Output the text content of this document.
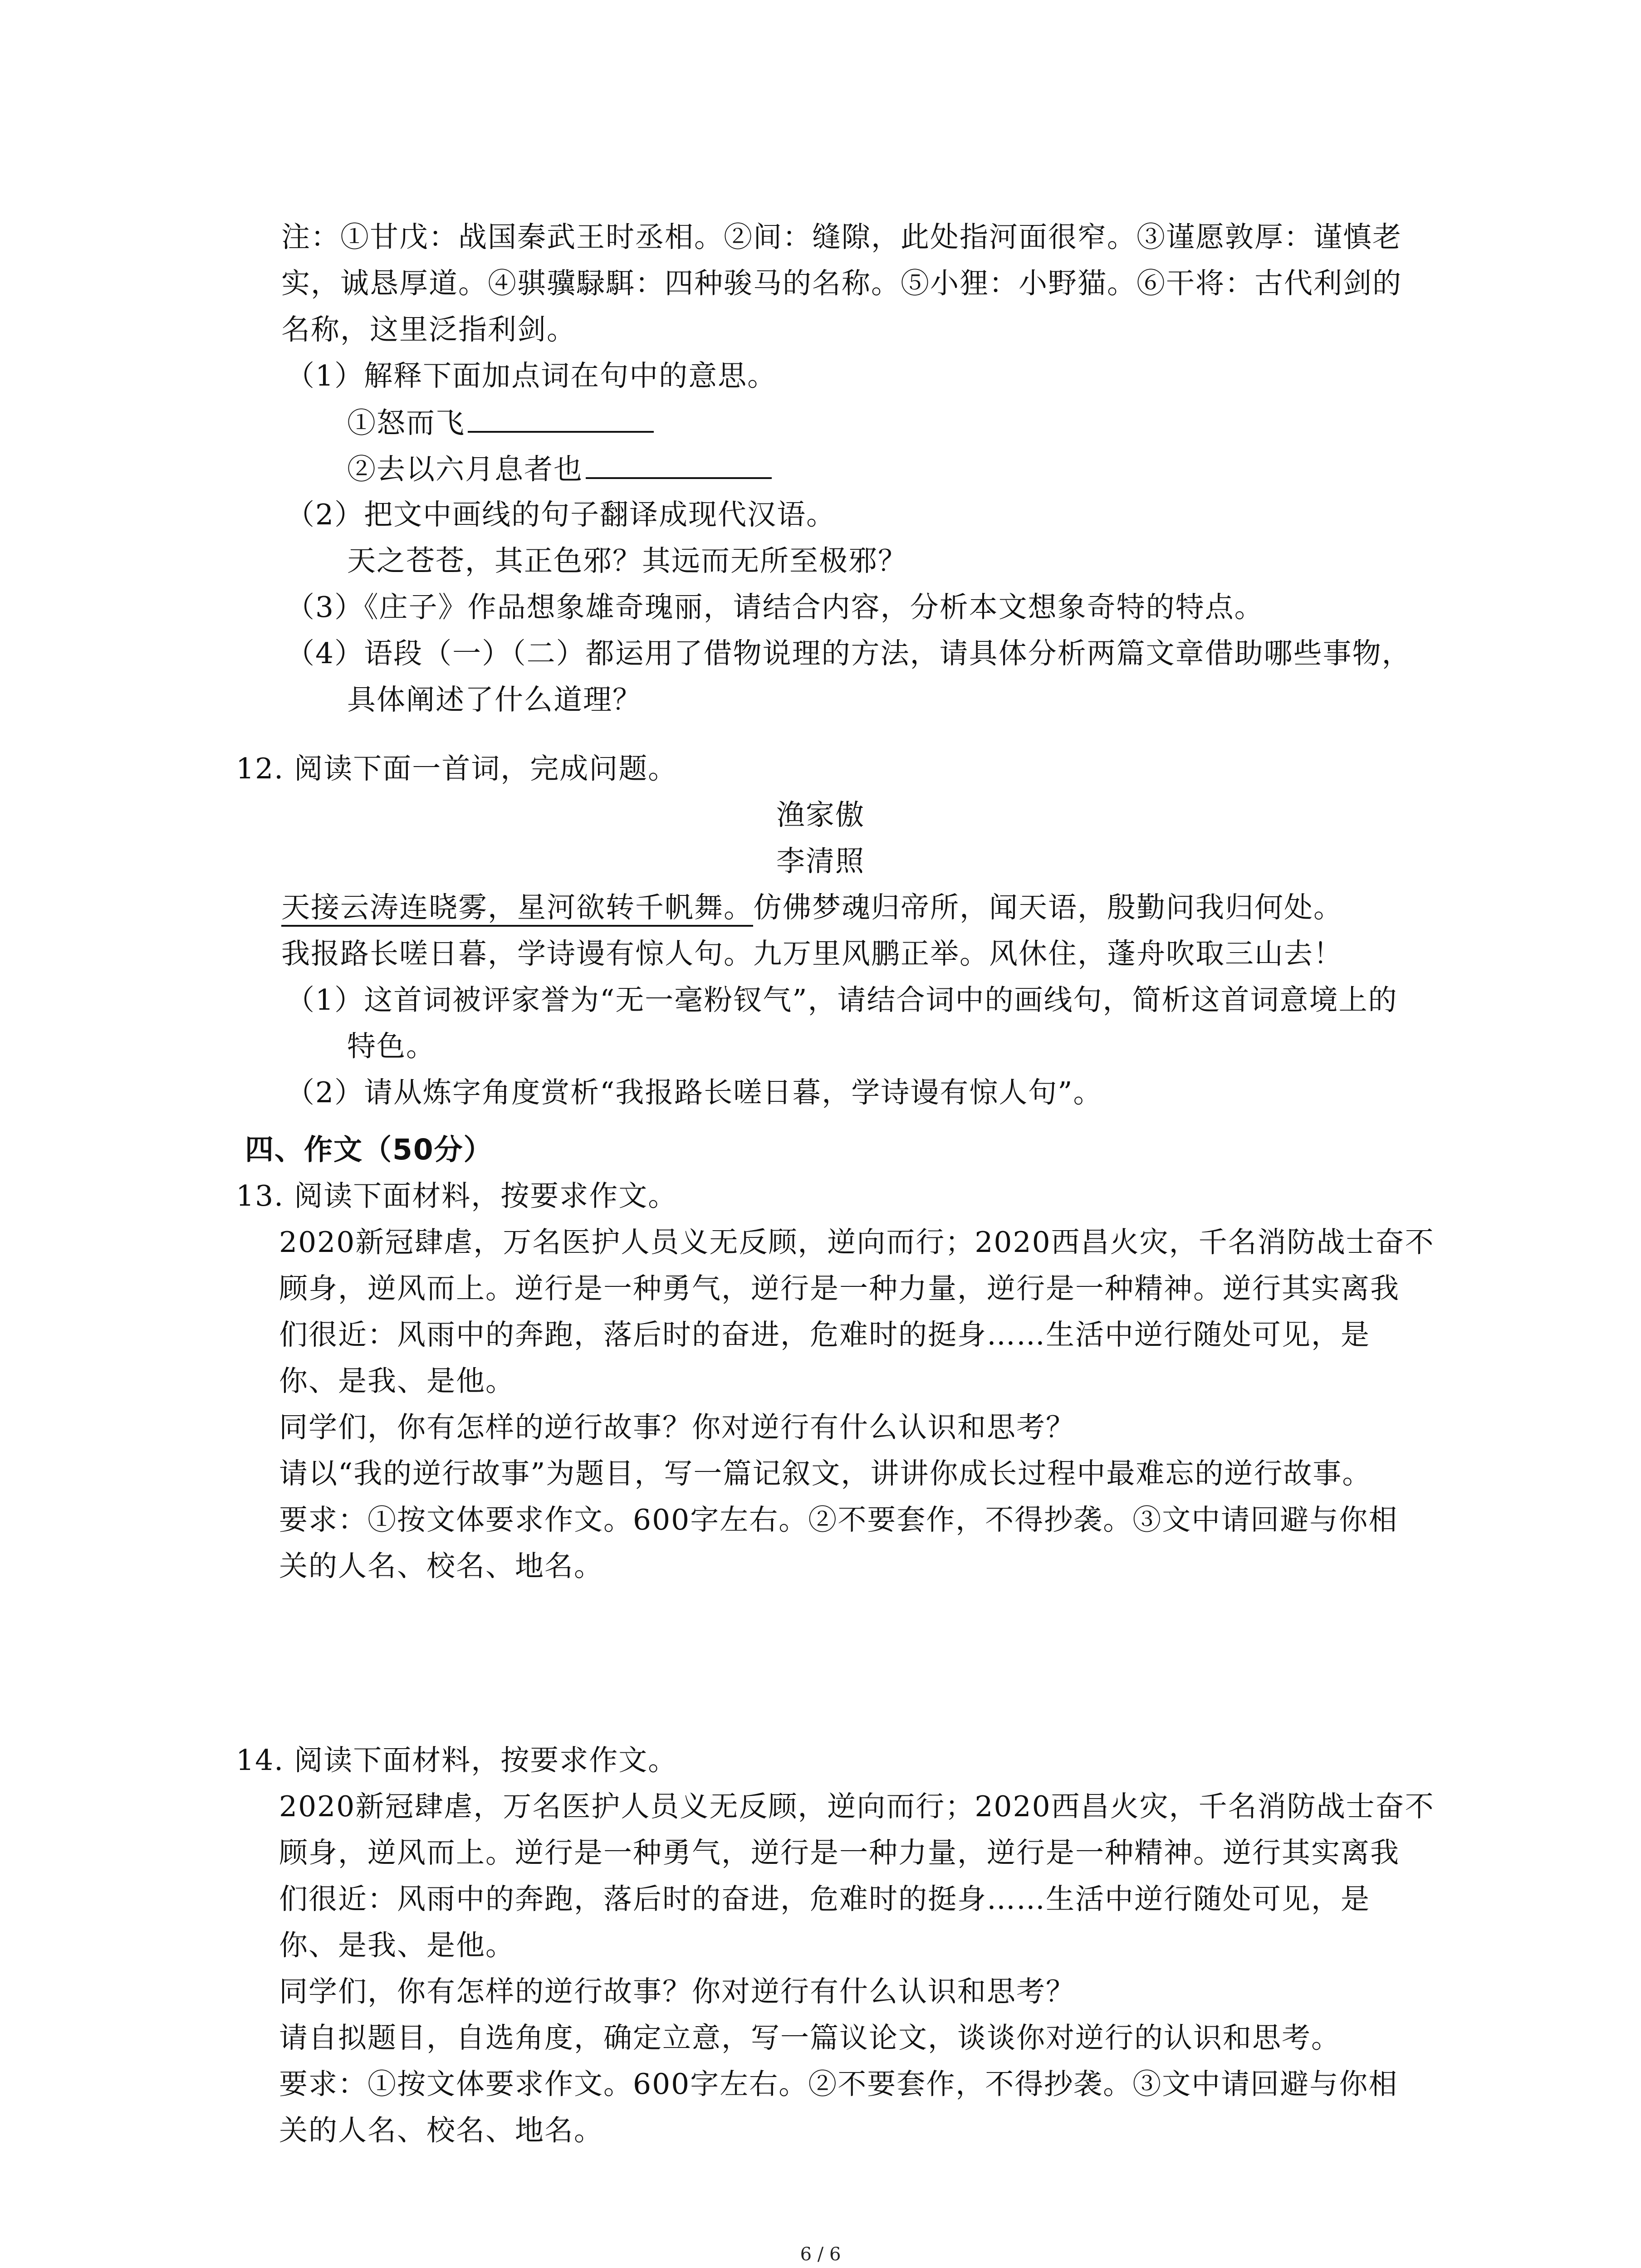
注：①甘戊：战国秦武王时丞相。②间：缝隙，此处指河面很窄。③谨愿敦厚：谨慎老
实，诚恳厚道。④骐骥騄駬：四种骏马的名称。⑤小狸：小野猫。⑥干将：古代利剑的
名称，这里泛指利剑。
（1）解释下面加点词在句中的意思。
①怒而飞
②去以六月息者也
（2）把文中画线的句子翻译成现代汉语。
天之苍苍，其正色邪？其远而无所至极邪？
（3）《庄子》作品想象雄奇瑰丽，请结合内容，分析本文想象奇特的特点。
（4）语段（一）（二）都运用了借物说理的方法，请具体分析两篇文章借助哪些事物，
具体阐述了什么道理？
12. 阅读下面一首词，完成问题。
渔家傲
李清照
天接云涛连晓雾，星河欲转千帆舞。仿佛梦魂归帝所，闻天语，殷勤问我归何处。
我报路长嗟日暮，学诗谩有惊人句。九万里风鹏正举。风休住，蓬舟吹取三山去！
（1）这首词被评家誉为“无一毫粉钗气”，请结合词中的画线句，简析这首词意境上的
特色。
（2）请从炼字角度赏析“我报路长嗟日暮，学诗谩有惊人句”。
四、作文（50分）
13. 阅读下面材料，按要求作文。
2020新冠肆虐，万名医护人员义无反顾，逆向而行；2020西昌火灾，千名消防战士奋不
顾身，逆风而上。逆行是一种勇气，逆行是一种力量，逆行是一种精神。逆行其实离我
们很近：风雨中的奔跑，落后时的奋进，危难时的挺身……生活中逆行随处可见，是
你、是我、是他。
同学们，你有怎样的逆行故事？你对逆行有什么认识和思考？
请以“我的逆行故事”为题目，写一篇记叙文，讲讲你成长过程中最难忘的逆行故事。
要求：①按文体要求作文。600字左右。②不要套作，不得抄袭。③文中请回避与你相
关的人名、校名、地名。
14. 阅读下面材料，按要求作文。
2020新冠肆虐，万名医护人员义无反顾，逆向而行；2020西昌火灾，千名消防战士奋不
顾身，逆风而上。逆行是一种勇气，逆行是一种力量，逆行是一种精神。逆行其实离我
们很近：风雨中的奔跑，落后时的奋进，危难时的挺身……生活中逆行随处可见，是
你、是我、是他。
同学们，你有怎样的逆行故事？你对逆行有什么认识和思考？
请自拟题目，自选角度，确定立意，写一篇议论文，谈谈你对逆行的认识和思考。
要求：①按文体要求作文。600字左右。②不要套作，不得抄袭。③文中请回避与你相
关的人名、校名、地名。
6 / 6
